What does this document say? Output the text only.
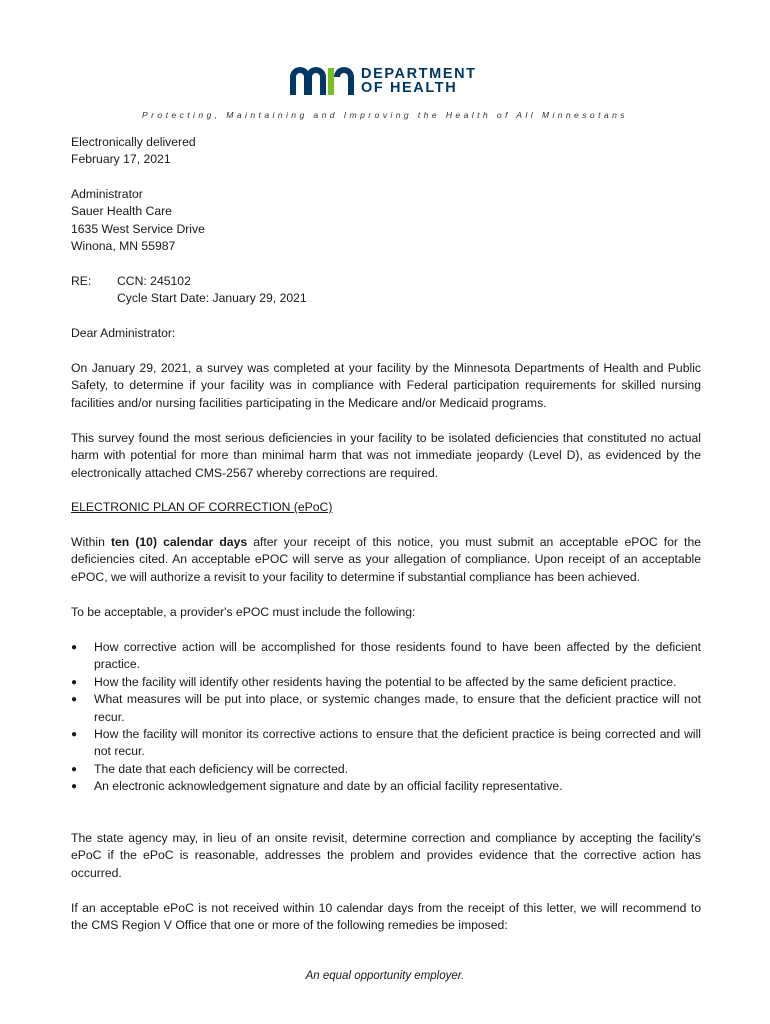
DEPARTMENT
OF HEALTH
Protecting, Maintaining and Improving the Health of All Minnesotans

Electronically delivered

February 17, 2021

Administrator

Sauer Health Care

1635 West Service Drive

Winona, MN 55987

RE:	CCN: 245102
Cycle Start Date: January 29, 2021
Dear Administrator:
On January 29, 2021, a survey was completed at your facility by the Minnesota Departments of Health and Public Safety, to determine if your facility was in compliance with Federal participation requirements for skilled nursing facilities and/or nursing facilities participating in the Medicare and/or Medicaid programs.
This survey found the most serious deficiencies in your facility to be isolated deficiencies that constituted no actual harm with potential for more than minimal harm that was not immediate jeopardy (Level D), as evidenced by the electronically attached CMS-2567 whereby corrections are required.
ELECTRONIC PLAN OF CORRECTION (ePoC)
Within ten (10) calendar days after your receipt of this notice, you must submit an acceptable ePOC for the deficiencies cited. An acceptable ePOC will serve as your allegation of compliance. Upon receipt of an acceptable ePOC, we will authorize a revisit to your facility to determine if substantial compliance has been achieved.
To be acceptable, a provider's ePOC must include the following:
● How corrective action will be accomplished for those residents found to have been affected by the deficient practice.
● How the facility will identify other residents having the potential to be affected by the same deficient practice.
● What measures will be put into place, or systemic changes made, to ensure that the deficient practice will not recur.
● How the facility will monitor its corrective actions to ensure that the deficient practice is being corrected and will not recur.
● The date that each deficiency will be corrected.
● An electronic acknowledgement signature and date by an official facility representative.
The state agency may, in lieu of an onsite revisit, determine correction and compliance by accepting the facility's ePoC if the ePoC is reasonable, addresses the problem and provides evidence that the corrective action has occurred.
If an acceptable ePoC is not received within 10 calendar days from the receipt of this letter, we will recommend to the CMS Region V Office that one or more of the following remedies be imposed:
An equal opportunity employer.
